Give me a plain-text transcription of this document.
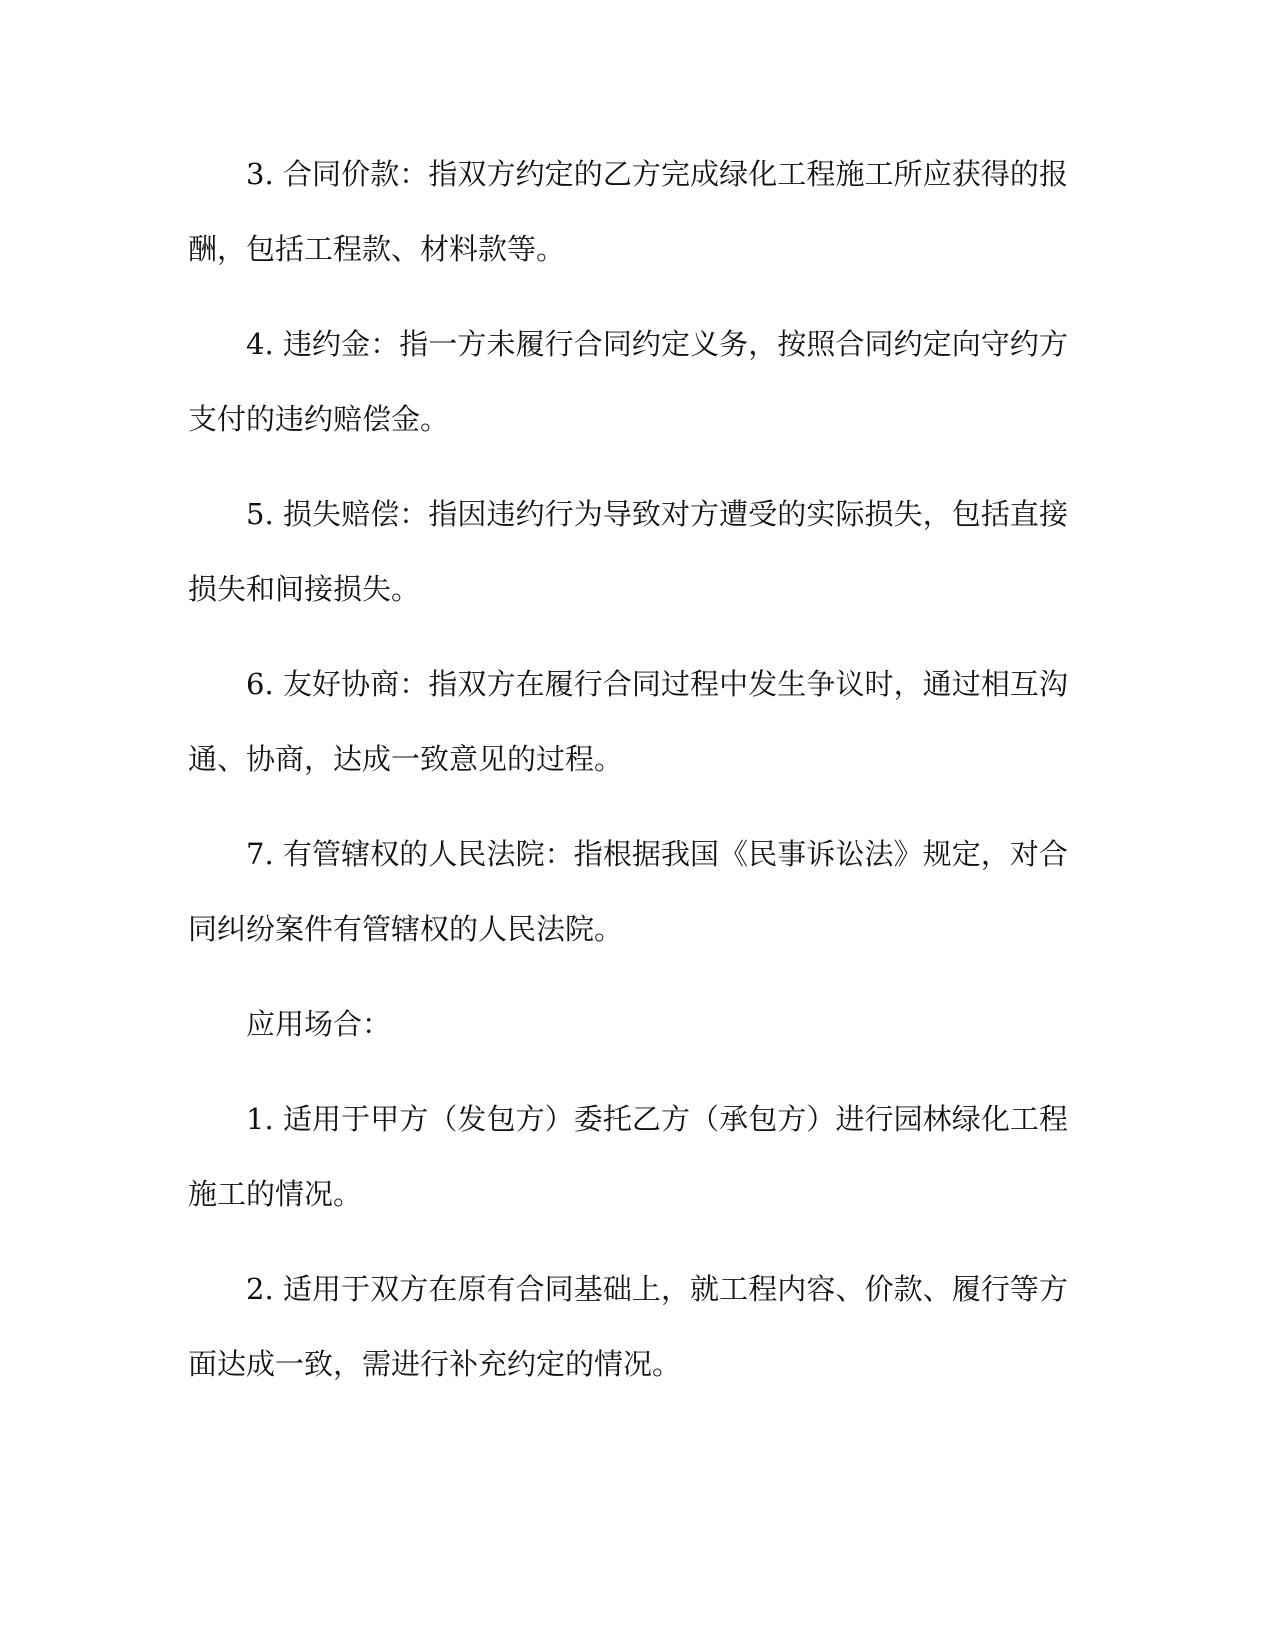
3. 合同价款：指双方约定的乙方完成绿化工程施工所应获得的报酬，包括工程款、材料款等。

4. 违约金：指一方未履行合同约定义务，按照合同约定向守约方支付的违约赔偿金。

5. 损失赔偿：指因违约行为导致对方遭受的实际损失，包括直接损失和间接损失。

6. 友好协商：指双方在履行合同过程中发生争议时，通过相互沟通、协商，达成一致意见的过程。

7. 有管辖权的人民法院：指根据我国《民事诉讼法》规定，对合同纠纷案件有管辖权的人民法院。

应用场合：

1. 适用于甲方（发包方）委托乙方（承包方）进行园林绿化工程施工的情况。

2. 适用于双方在原有合同基础上，就工程内容、价款、履行等方面达成一致，需进行补充约定的情况。
